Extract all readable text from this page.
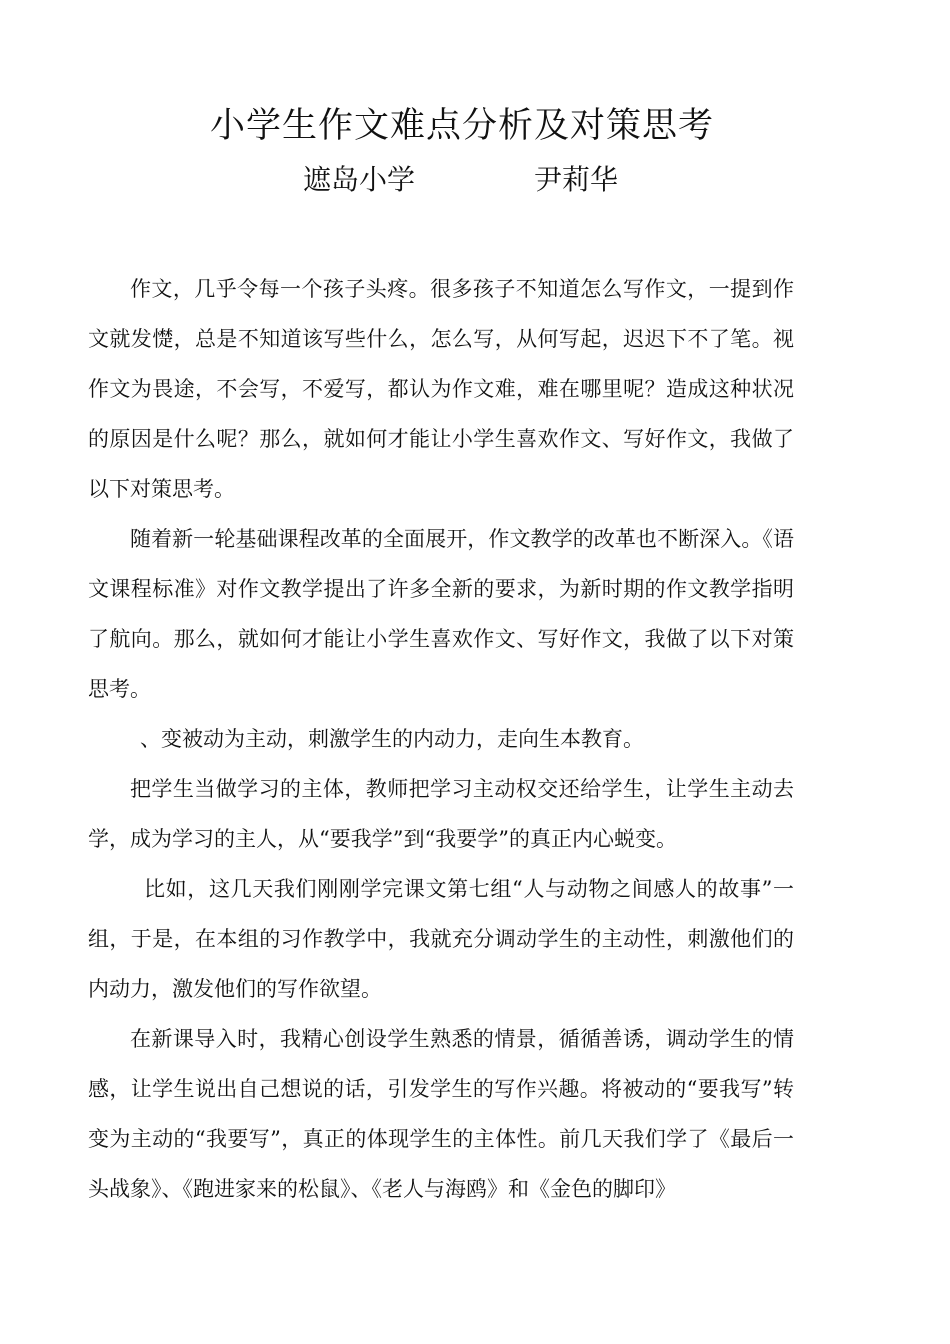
小学生作文难点分析及对策思考
遮岛小学	尹莉华

作文，几乎令每一个孩子头疼。很多孩子不知道怎么写作文，一提到作文就发憷，总是不知道该写些什么，怎么写，从何写起，迟迟下不了笔。视作文为畏途，不会写，不爱写，都认为作文难，难在哪里呢？造成这种状况的原因是什么呢？那么，就如何才能让小学生喜欢作文、写好作文，我做了以下对策思考。

随着新一轮基础课程改革的全面展开，作文教学的改革也不断深入。《语文课程标准》对作文教学提出了许多全新的要求，为新时期的作文教学指明了航向。那么，就如何才能让小学生喜欢作文、写好作文，我做了以下对策思考。

、变被动为主动，刺激学生的内动力，走向生本教育。

把学生当做学习的主体，教师把学习主动权交还给学生，让学生主动去学，成为学习的主人，从“要我学”到“我要学”的真正内心蜕变。

比如，这几天我们刚刚学完课文第七组“人与动物之间感人的故事”一组，于是，在本组的习作教学中，我就充分调动学生的主动性，刺激他们的内动力，激发他们的写作欲望。

在新课导入时，我精心创设学生熟悉的情景，循循善诱，调动学生的情感，让学生说出自己想说的话，引发学生的写作兴趣。将被动的“要我写”转变为主动的“我要写”，真正的体现学生的主体性。前几天我们学了《最后一头战象》、《跑进家来的松鼠》、《老人与海鸥》和《金色的脚印》
